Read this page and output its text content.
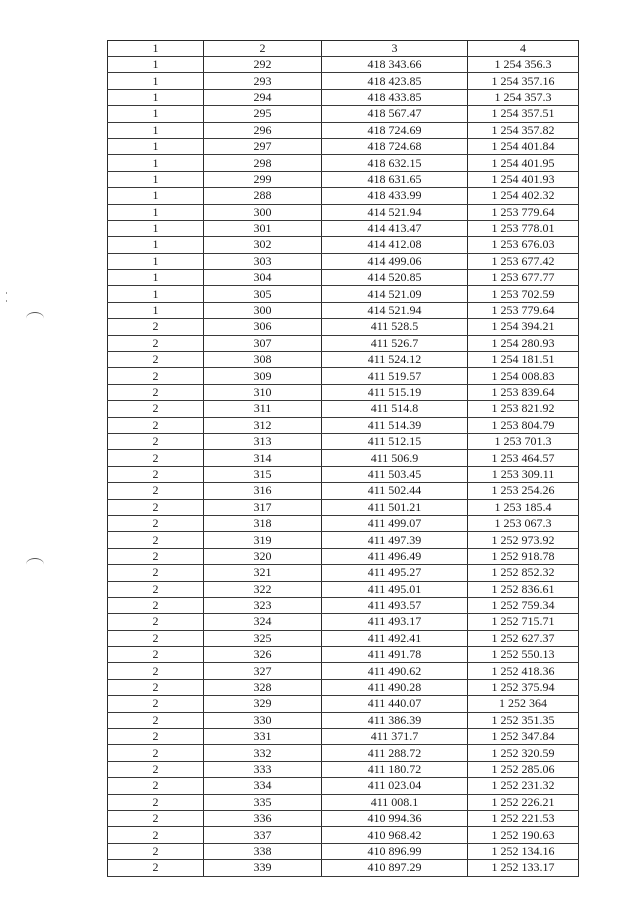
1	2	3	4
1	292	418 343.66	1 254 356.3
1	293	418 423.85	1 254 357.16
1	294	418 433.85	1 254 357.3
1	295	418 567.47	1 254 357.51
1	296	418 724.69	1 254 357.82
1	297	418 724.68	1 254 401.84
1	298	418 632.15	1 254 401.95
1	299	418 631.65	1 254 401.93
1	288	418 433.99	1 254 402.32
1	300	414 521.94	1 253 779.64
1	301	414 413.47	1 253 778.01
1	302	414 412.08	1 253 676.03
1	303	414 499.06	1 253 677.42
1	304	414 520.85	1 253 677.77
1	305	414 521.09	1 253 702.59
1	300	414 521.94	1 253 779.64
2	306	411 528.5	1 254 394.21
2	307	411 526.7	1 254 280.93
2	308	411 524.12	1 254 181.51
2	309	411 519.57	1 254 008.83
2	310	411 515.19	1 253 839.64
2	311	411 514.8	1 253 821.92
2	312	411 514.39	1 253 804.79
2	313	411 512.15	1 253 701.3
2	314	411 506.9	1 253 464.57
2	315	411 503.45	1 253 309.11
2	316	411 502.44	1 253 254.26
2	317	411 501.21	1 253 185.4
2	318	411 499.07	1 253 067.3
2	319	411 497.39	1 252 973.92
2	320	411 496.49	1 252 918.78
2	321	411 495.27	1 252 852.32
2	322	411 495.01	1 252 836.61
2	323	411 493.57	1 252 759.34
2	324	411 493.17	1 252 715.71
2	325	411 492.41	1 252 627.37
2	326	411 491.78	1 252 550.13
2	327	411 490.62	1 252 418.36
2	328	411 490.28	1 252 375.94
2	329	411 440.07	1 252 364
2	330	411 386.39	1 252 351.35
2	331	411 371.7	1 252 347.84
2	332	411 288.72	1 252 320.59
2	333	411 180.72	1 252 285.06
2	334	411 023.04	1 252 231.32
2	335	411 008.1	1 252 226.21
2	336	410 994.36	1 252 221.53
2	337	410 968.42	1 252 190.63
2	338	410 896.99	1 252 134.16
2	339	410 897.29	1 252 133.17
